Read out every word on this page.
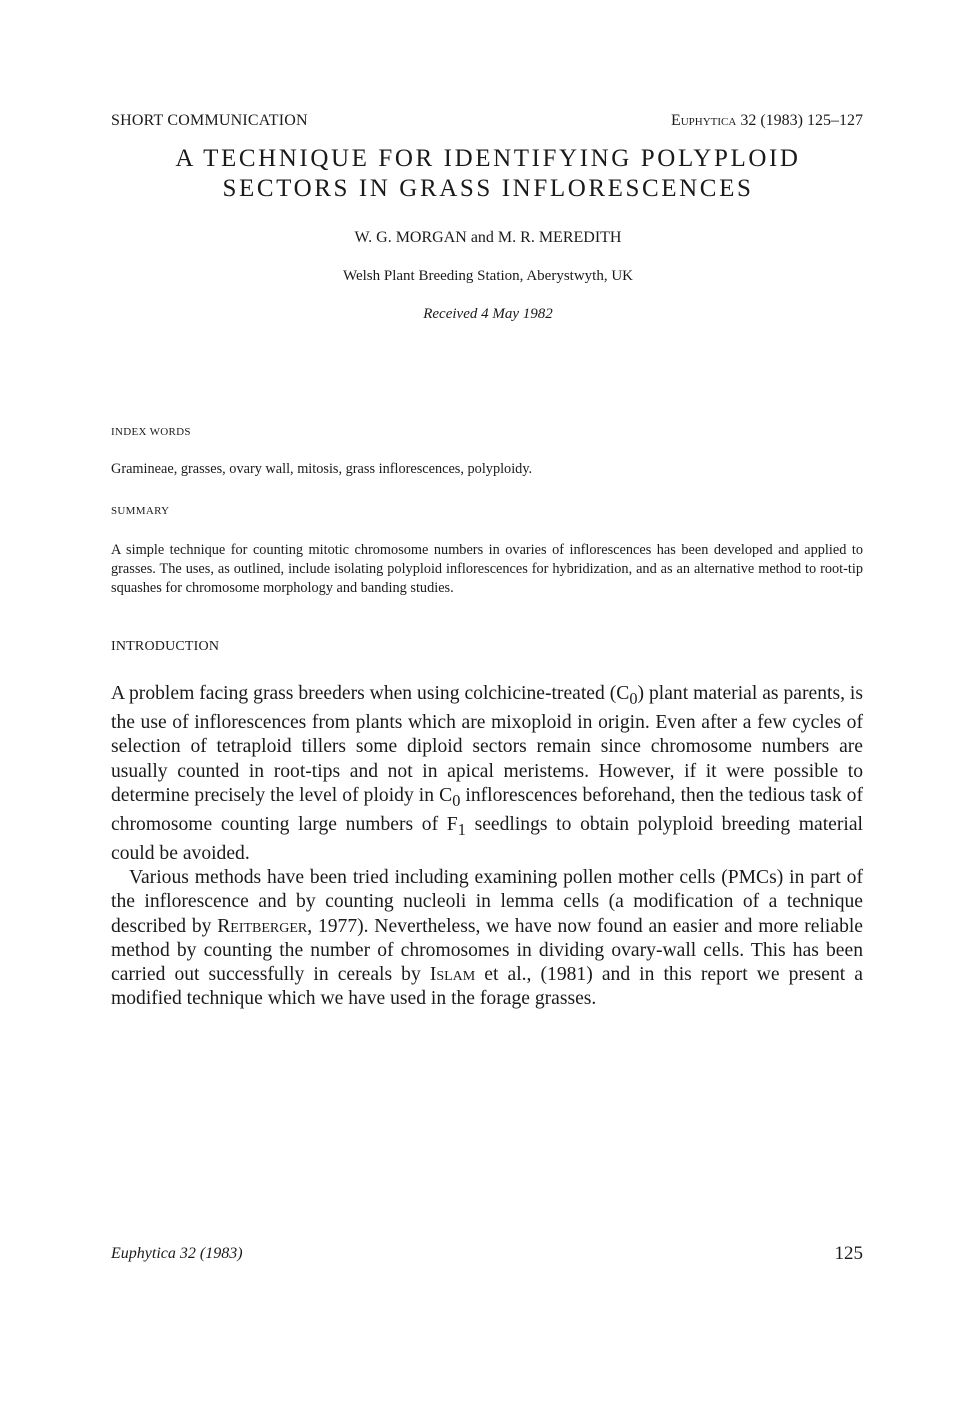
SHORT COMMUNICATION	Euphytica 32 (1983) 125–127
A TECHNIQUE FOR IDENTIFYING POLYPLOID
SECTORS IN GRASS INFLORESCENCES
W. G. MORGAN and M. R. MEREDITH
Welsh Plant Breeding Station, Aberystwyth, UK
Received 4 May 1982
INDEX WORDS
Gramineae, grasses, ovary wall, mitosis, grass inflorescences, polyploidy.
SUMMARY
A simple technique for counting mitotic chromosome numbers in ovaries of inflorescences has been developed and applied to grasses. The uses, as outlined, include isolating polyploid inflorescences for hybridization, and as an alternative method to root-tip squashes for chromosome morphology and banding studies.
INTRODUCTION

A problem facing grass breeders when using colchicine-treated $(C_0)$ plant material as parents, is the use of inflorescences from plants which are mixoploid in origin. Even after a few cycles of selection of tetraploid tillers some diploid sectors remain since chromosome numbers are usually counted in root-tips and not in apical meristems. However, if it were possible to determine precisely the level of ploidy in $C_0$ inflorescences beforehand, then the tedious task of chromosome counting large numbers of $F_1$ seedlings to obtain polyploid breeding material could be avoided.

Various methods have been tried including examining pollen mother cells (PMCs) in part of the inflorescence and by counting nucleoli in lemma cells (a modification of a technique described by Reitberger, 1977). Nevertheless, we have now found an easier and more reliable method by counting the number of chromosomes in dividing ovary-wall cells. This has been carried out successfully in cereals by Islam et al., (1981) and in this report we present a modified technique which we have used in the forage grasses.

Euphytica 32 (1983)	125
